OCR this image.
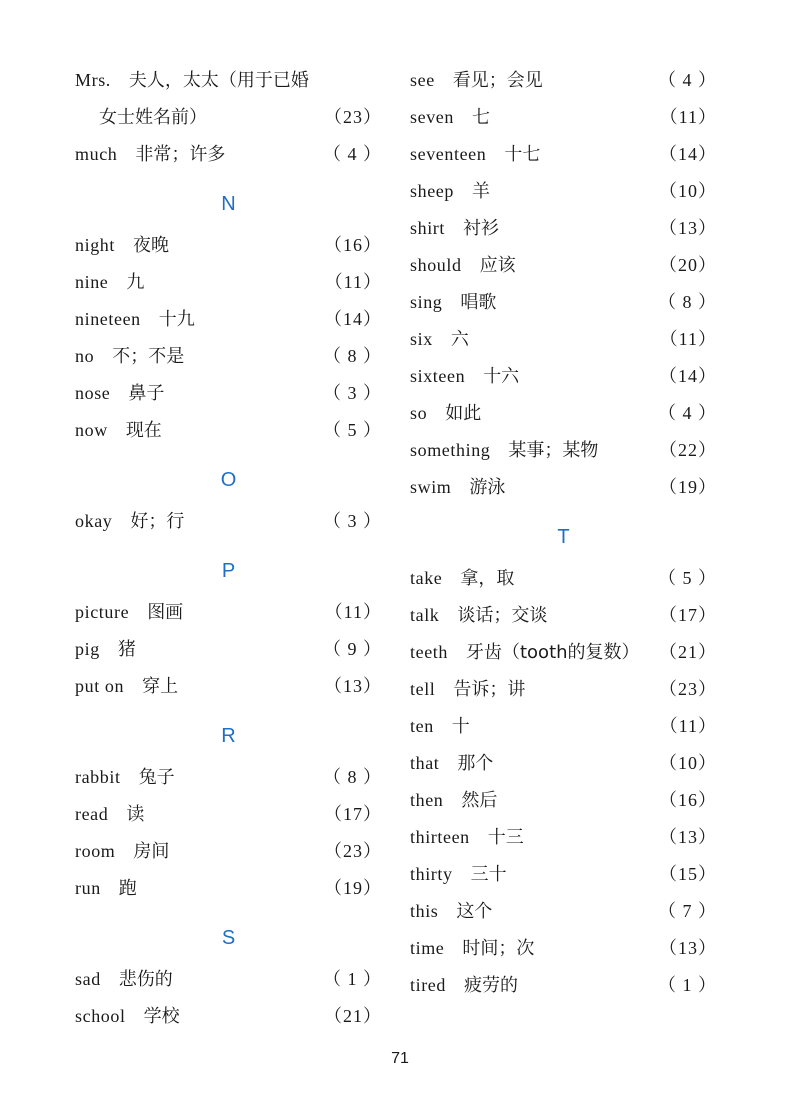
Mrs. 夫人，太太（用于已婚
女士姓名前）	（23）
much 非常；许多	（ 4 ）
N
night 夜晚	（16）
nine 九	（11）
nineteen 十九	（14）
no 不；不是	（ 8 ）
nose 鼻子	（ 3 ）
now 现在	（ 5 ）
O
okay 好；行	（ 3 ）
P
picture 图画	（11）
pig 猪	（ 9 ）
put on 穿上	（13）
R
rabbit 兔子	（ 8 ）
read 读	（17）
room 房间	（23）
run 跑	（19）
S
sad 悲伤的	（ 1 ）
school 学校	（21）
see 看见；会见	（ 4 ）
seven 七	（11）
seventeen 十七	（14）
sheep 羊	（10）
shirt 衬衫	（13）
should 应该	（20）
sing 唱歌	（ 8 ）
six 六	（11）
sixteen 十六	（14）
so 如此	（ 4 ）
something 某事；某物	（22）
swim 游泳	（19）
T
take 拿，取	（ 5 ）
talk 谈话；交谈	（17）
teeth 牙齿（tooth的复数） （21）
tell 告诉；讲	（23）
ten 十	（11）
that 那个	（10）
then 然后	（16）
thirteen 十三	（13）
thirty 三十	（15）
this 这个	（ 7 ）
time 时间；次	（13）
tired 疲劳的	（ 1 ）
71
